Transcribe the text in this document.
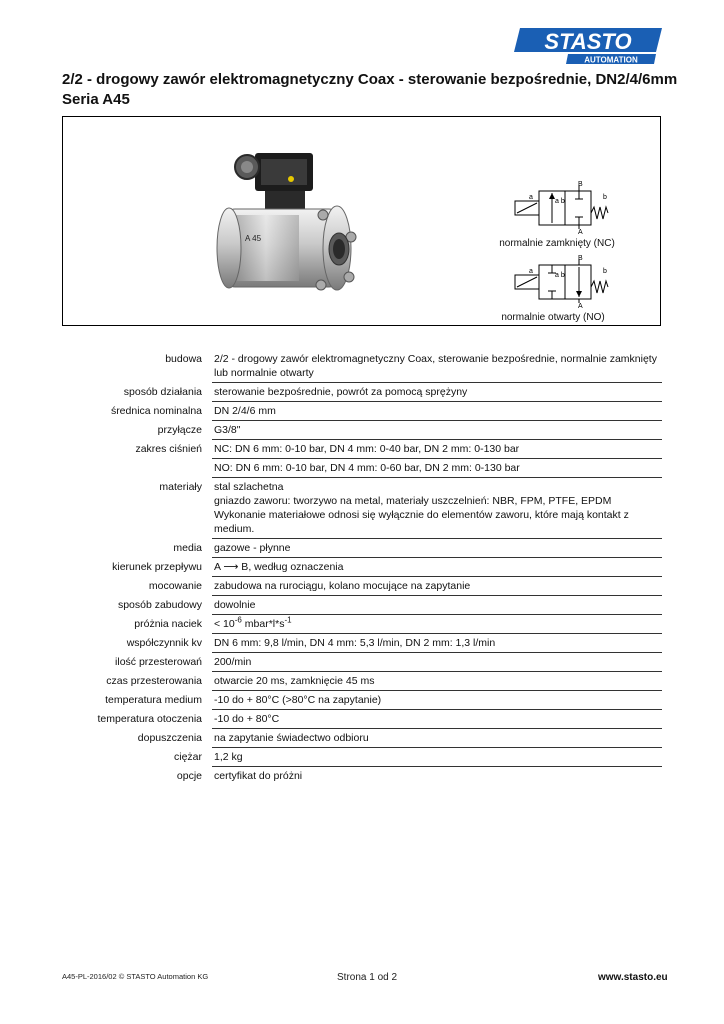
STASTO
AUTOMATION
2/2 - drogowy zawór elektromagnetyczny Coax - sterowanie bezpośrednie, DN2/4/6mm
Seria A45
A 45
B
A
a	b
a b
normalnie zamknięty (NC)
B
A
a	b
a b
normalnie otwarty (NO)
budowa	2/2 - drogowy zawór elektromagnetyczny Coax, sterowanie bezpośrednie, normalnie zamknięty lub normalnie otwarty
sposób działania	sterowanie bezpośrednie, powrót za pomocą sprężyny
średnica nominalna	DN 2/4/6 mm
przyłącze	G3/8"
zakres ciśnień	NC: DN 6 mm: 0-10 bar, DN 4 mm: 0-40 bar, DN 2 mm: 0-130 bar
	NO: DN 6 mm: 0-10 bar, DN 4 mm: 0-60 bar, DN 2 mm: 0-130 bar
materiały	stal szlachetna
gniazdo zaworu: tworzywo na metal, materiały uszczelnień: NBR, FPM, PTFE, EPDM
Wykonanie materiałowe odnosi się wyłącznie do elementów zaworu, które mają kontakt z medium.

media	gazowe - płynne
kierunek przepływu	A ⟶ B, według oznaczenia
mocowanie	zabudowa na rurociągu, kolano mocujące na zapytanie
sposób zabudowy	dowolnie
próżnia naciek	< $10^{-6}$ $mbar*l*s^{-1}$
współczynnik kv	DN 6 mm: 9,8 l/min, DN 4 mm: 5,3 l/min, DN 2 mm: 1,3 l/min
ilość przesterowań	200/min
czas przesterowania	otwarcie 20 ms, zamknięcie 45 ms
temperatura medium	-10 do + 80°C (>80°C na zapytanie)
temperatura otoczenia	-10 do + 80°C
dopuszczenia	na zapytanie świadectwo odbioru
ciężar	1,2 kg
opcje	certyfikat do próżni
A45-PL-2016/02 © STASTO Automation KG	Strona 1 od 2	www.stasto.eu
